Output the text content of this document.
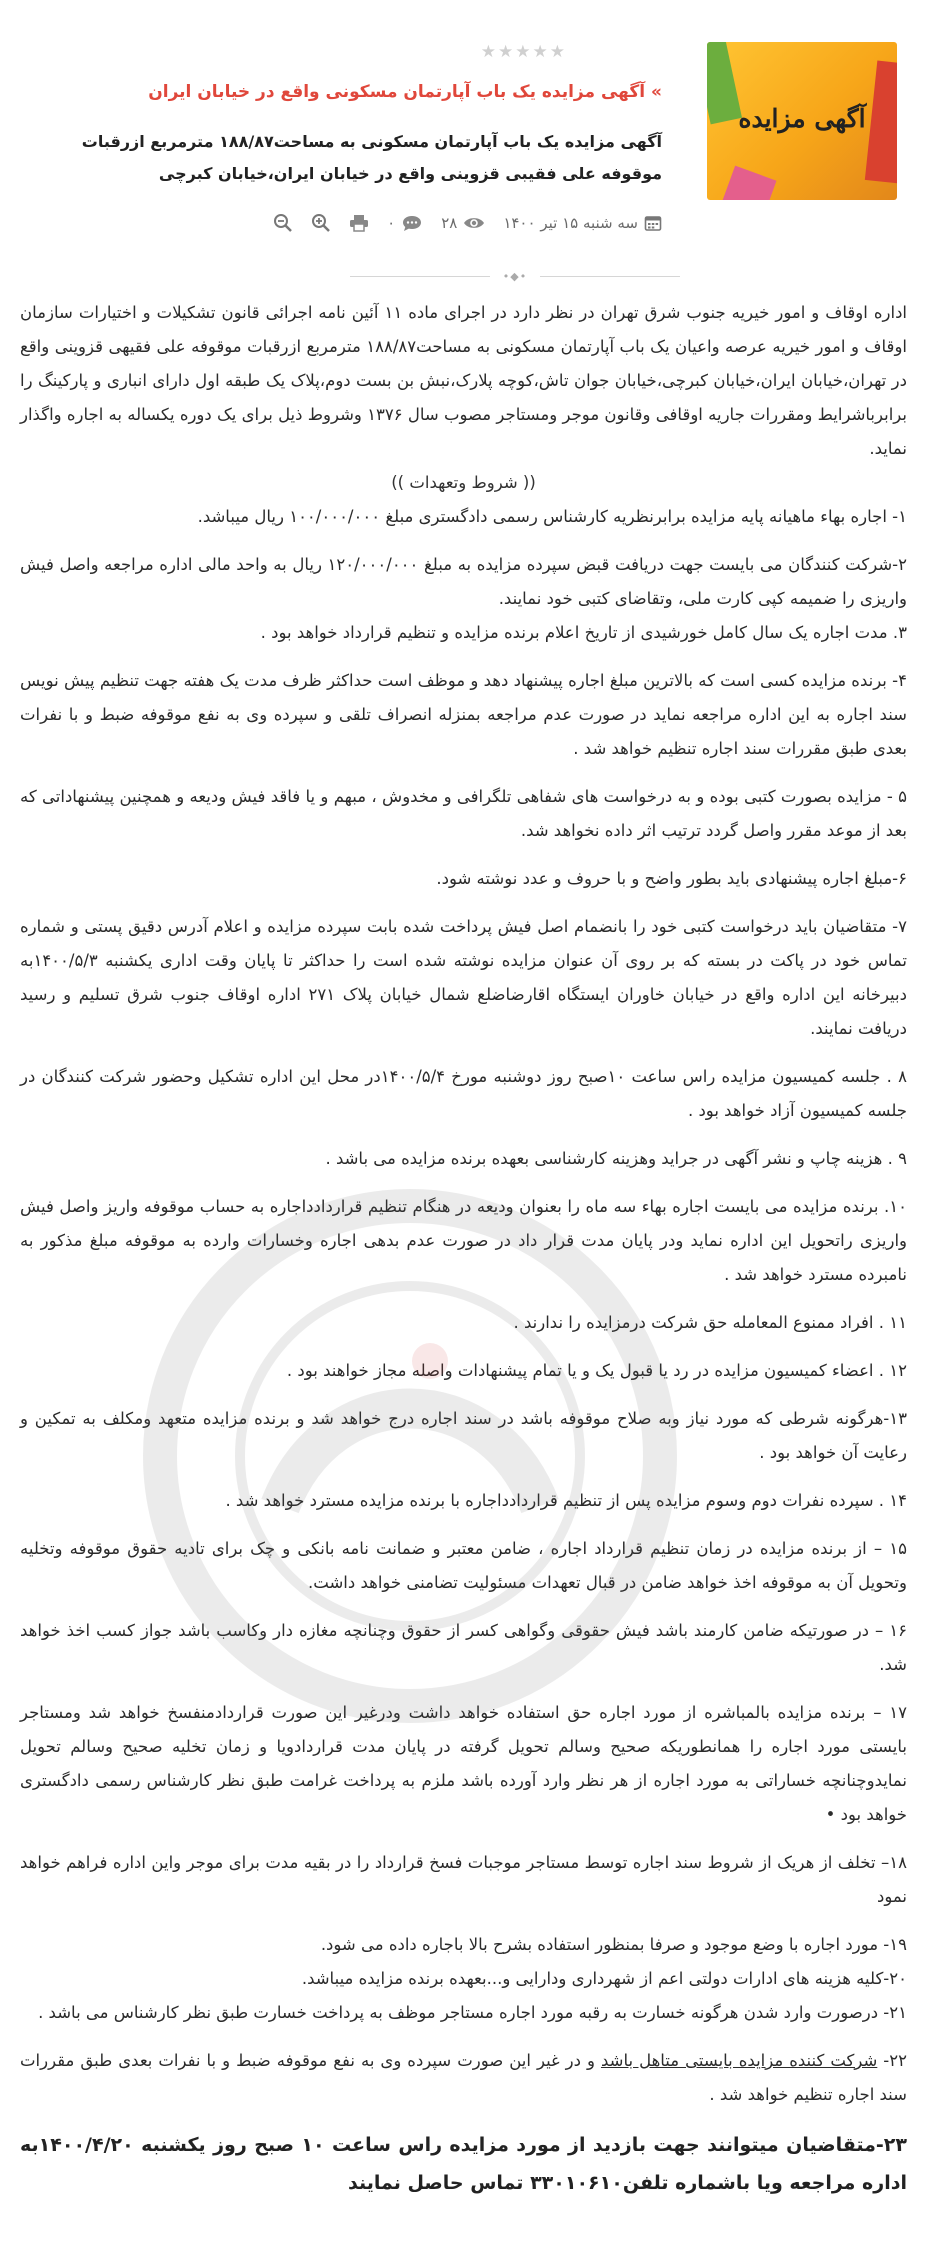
آگهی مزایده
★★★★★
» آگهی مزایده یک باب آپارتمان مسکونی واقع در خیابان ایران
آگهی مزایده یک باب آپارتمان مسکونی به مساحت۱۸۸/۸۷ مترمربع ازرقبات موقوفه علی فقیبی قزوینی واقع در خیابان ایران،خیابان کبرچی
سه شنبه ۱۵ تیر ۱۴۰۰
۲۸
۰
•◆•

اداره اوقاف و امور خیریه جنوب شرق تهران در نظر دارد در اجرای ماده ۱۱ آئین نامه اجرائی قانون تشکیلات و اختیارات سازمان اوقاف و امور خیریه عرصه واعیان یک باب آپارتمان مسکونی به مساحت۱۸۸/۸۷ مترمربع ازرقبات موقوفه علی فقیهی قزوینی واقع در تهران،خیابان ایران،خیابان کبرچی،خیابان جوان تاش،کوچه پلارک،نبش بن بست دوم،پلاک یک طبقه اول دارای انباری و پارکینگ را برابرباشرایط ومقررات جاریه اوقافی وقانون موجر ومستاجر مصوب سال ۱۳۷۶ وشروط ذیل برای یک دوره یکساله به اجاره واگذار نماید.

(( شروط وتعهدات ))

۱- اجاره بهاء ماهیانه پایه مزایده برابرنظریه کارشناس رسمی دادگستری مبلغ ۱۰۰/۰۰۰/۰۰۰ ریال میباشد.

۲-شرکت کنندگان می بایست جهت دریافت قبض سپرده مزایده به مبلغ ۱۲۰/۰۰۰/۰۰۰ ریال به واحد مالی اداره مراجعه واصل فیش واریزی را ضمیمه کپی کارت ملی، وتقاضای کتبی خود نمایند.

۳. مدت اجاره یک سال کامل خورشیدی از تاریخ اعلام برنده مزایده و تنظیم قرارداد خواهد بود .

۴- برنده مزایده کسی است که بالاترین مبلغ اجاره پیشنهاد دهد و موظف است حداکثر ظرف مدت یک هفته جهت تنظیم پیش نویس سند اجاره به این اداره مراجعه نماید در صورت عدم مراجعه بمنزله انصراف تلقی و سپرده وی به نفع موقوفه ضبط و با نفرات بعدی طبق مقررات سند اجاره تنظیم خواهد شد .

۵ - مزایده بصورت کتبی بوده و به درخواست های شفاهی تلگرافی و مخدوش ، مبهم و یا فاقد فیش ودیعه و همچنین پیشنهاداتی که بعد از موعد مقرر واصل گردد ترتیب اثر داده نخواهد شد.

۶-مبلغ اجاره پیشنهادی باید بطور واضح و با حروف و عدد نوشته شود.

۷- متقاضیان باید درخواست کتبی خود را بانضمام اصل فیش پرداخت شده بابت سپرده مزایده و اعلام آدرس دقیق پستی و شماره تماس خود در پاکت در بسته که بر روی آن عنوان مزایده نوشته شده است را حداکثر تا پایان وقت اداری یکشنبه ۱۴۰۰/۵/۳به دبیرخانه این اداره واقع در خیابان خاوران ایستگاه اقارضاضلع شمال خیابان پلاک ۲۷۱ اداره اوقاف جنوب شرق تسلیم و رسید دریافت نمایند.

۸ . جلسه کمیسیون مزایده راس ساعت ۱۰صبح روز دوشنبه مورخ ۱۴۰۰/۵/۴در محل این اداره تشکیل وحضور شرکت کنندگان در جلسه کمیسیون آزاد خواهد بود .

۹ . هزینه چاپ و نشر آگهی در جراید وهزینه کارشناسی بعهده برنده مزایده می باشد .

۱۰. برنده مزایده می بایست اجاره بهاء سه ماه را بعنوان ودیعه در هنگام تنظیم قراردادداجاره به حساب موقوفه واریز واصل فیش واریزی راتحویل این اداره نماید ودر پایان مدت قرار داد در صورت عدم بدهی اجاره وخسارات وارده به موقوفه مبلغ مذکور به نامبرده مسترد خواهد شد .

۱۱ . افراد ممنوع المعامله حق شرکت درمزایده را ندارند .

۱۲ . اعضاء کمیسیون مزایده در رد یا قبول یک و یا تمام پیشنهادات واصله مجاز خواهند بود .

۱۳-هرگونه شرطی که مورد نیاز وبه صلاح موقوفه باشد در سند اجاره درج خواهد شد و برنده مزایده متعهد ومکلف به تمکین و رعایت آن خواهد بود .

۱۴ . سپرده نفرات دوم وسوم مزایده پس از تنظیم قراردادداجاره با برنده مزایده مسترد خواهد شد .

۱۵ – از برنده مزایده در زمان تنظیم قرارداد اجاره ، ضامن معتبر و ضمانت نامه بانکی و چک برای تادیه حقوق موقوفه وتخلیه وتحویل آن به موقوفه اخذ خواهد ضامن در قبال تعهدات مسئولیت تضامنی خواهد داشت.

۱۶ – در صورتیکه ضامن کارمند باشد فیش حقوقی وگواهی کسر از حقوق وچنانچه مغازه دار وکاسب باشد جواز کسب اخذ خواهد شد.

۱۷ – برنده مزایده بالمباشره از مورد اجاره حق استفاده خواهد داشت ودرغیر این صورت قراردادمنفسخ خواهد شد ومستاجر بایستی مورد اجاره را همانطوریکه صحیح وسالم تحویل گرفته در پایان مدت قراردادویا و زمان تخلیه صحیح وسالم تحویل نمایدوچنانچه خساراتی به مورد اجاره از هر نظر وارد آورده باشد ملزم به پرداخت غرامت طبق نظر کارشناس رسمی دادگستری خواهد بود •

۱۸– تخلف از هریک از شروط سند اجاره توسط مستاجر موجبات فسخ قرارداد را در بقیه مدت برای موجر واین اداره فراهم خواهد نمود

۱۹- مورد اجاره با وضع موجود و صرفا بمنظور استفاده بشرح بالا باجاره داده می شود.

۲۰-کلیه هزینه های ادارات دولتی اعم از شهرداری ودارایی و...بعهده برنده مزایده میباشد.

۲۱- درصورت وارد شدن هرگونه خسارت به رقبه مورد اجاره مستاجر موظف به پرداخت خسارت طبق نظر کارشناس می باشد .

۲۲- شرکت کننده مزایده بایستی متاهل باشد و در غیر این صورت سپرده وی به نفع موقوفه ضبط و با نفرات بعدی طبق مقررات سند اجاره تنظیم خواهد شد .

۲۳-متقاضیان میتوانند جهت بازدید از مورد مزایده راس ساعت ۱۰ صبح روز یکشنبه ۱۴۰۰/۴/۲۰به اداره مراجعه ویا باشماره تلفن۳۳۰۱۰۶۱۰ تماس حاصل نمایند
